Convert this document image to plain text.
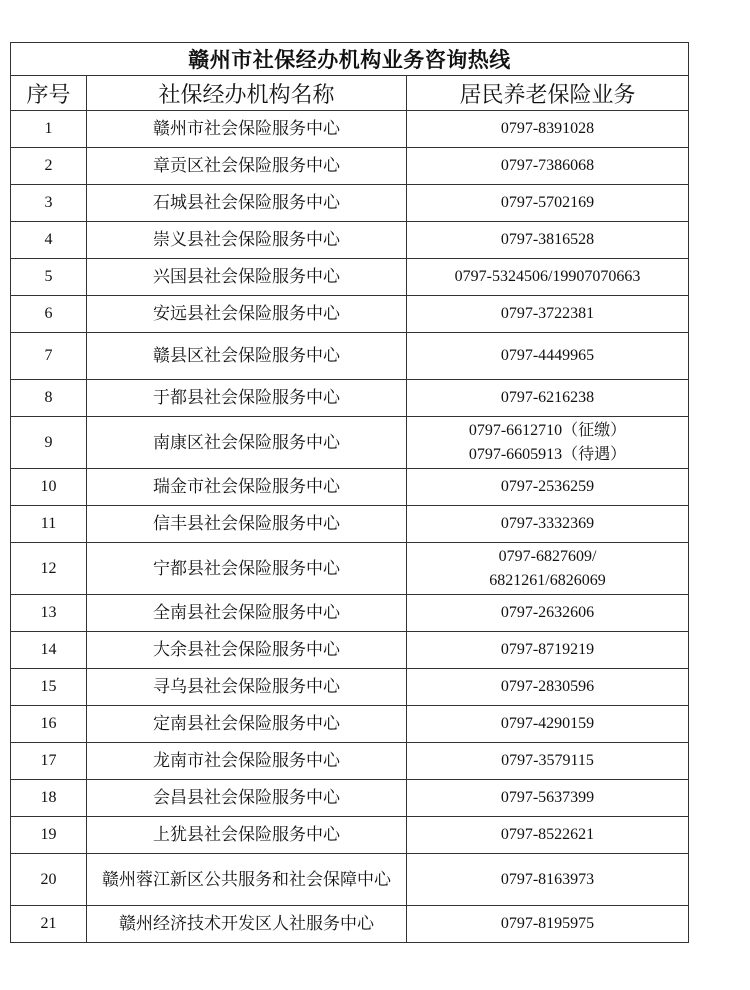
赣州市社保经办机构业务咨询热线		
序号	社保经办机构名称	居民养老保险业务
1	赣州市社会保险服务中心	0797-8391028

2	章贡区社会保险服务中心	0797-7386068

3	石城县社会保险服务中心	0797-5702169

4	崇义县社会保险服务中心	0797-3816528

5	兴国县社会保险服务中心	0797-5324506/19907070663

6	安远县社会保险服务中心	0797-3722381

7	赣县区社会保险服务中心	0797-4449965

8	于都县社会保险服务中心	0797-6216238

9	南康区社会保险服务中心	0797-6612710（征缴）
0797-6605913（待遇）

10	瑞金市社会保险服务中心	0797-2536259

11	信丰县社会保险服务中心	0797-3332369

12	宁都县社会保险服务中心	0797-6827609/
6821261/6826069

13	全南县社会保险服务中心	0797-2632606

14	大余县社会保险服务中心	0797-8719219

15	寻乌县社会保险服务中心	0797-2830596

16	定南县社会保险服务中心	0797-4290159

17	龙南市社会保险服务中心	0797-3579115

18	会昌县社会保险服务中心	0797-5637399

19	上犹县社会保险服务中心	0797-8522621

20	赣州蓉江新区公共服务和社会保障中心	0797-8163973

21	赣州经济技术开发区人社服务中心	0797-8195975
